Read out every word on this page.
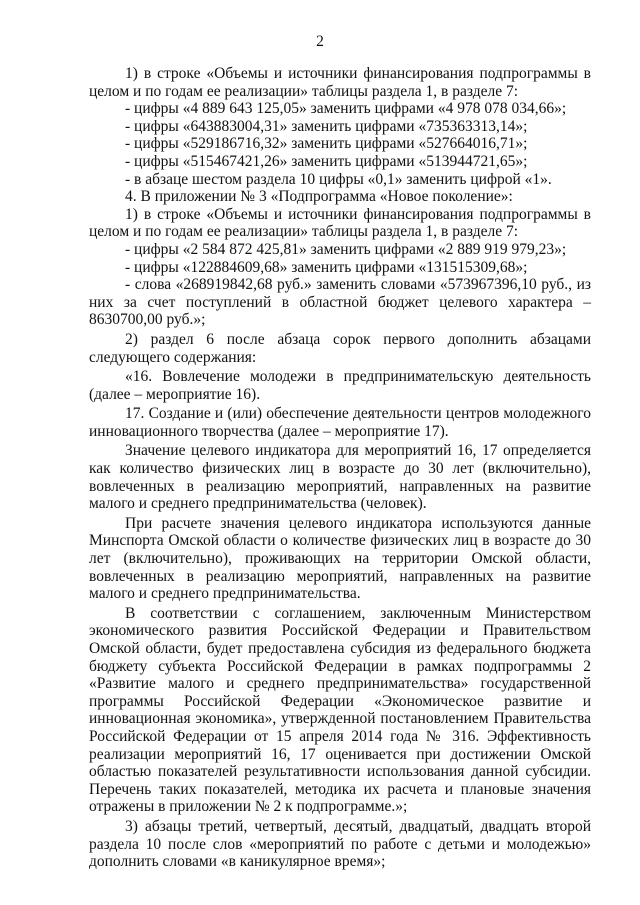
2

1) в строке «Объемы и источники финансирования подпрограммы в целом и по годам ее реализации» таблицы раздела 1, в разделе 7:

- цифры «4 889 643 125,05» заменить цифрами «4 978 078 034,66»;

- цифры «643883004,31» заменить цифрами «735363313,14»;

- цифры «529186716,32» заменить цифрами «527664016,71»;

- цифры «515467421,26» заменить цифрами «513944721,65»;

- в абзаце шестом раздела 10 цифры «0,1» заменить цифрой «1».

4. В приложении № 3 «Подпрограмма «Новое поколение»:

1) в строке «Объемы и источники финансирования подпрограммы в целом и по годам ее реализации» таблицы раздела 1, в разделе 7:

- цифры «2 584 872 425,81» заменить цифрами «2 889 919 979,23»;

- цифры «122884609,68» заменить цифрами «131515309,68»;

- слова «268919842,68 руб.» заменить словами «573967396,10 руб., из них за счет поступлений в областной бюджет целевого характера – 8630700,00 руб.»;

2) раздел 6 после абзаца сорок первого дополнить абзацами следующего содержания:

«16. Вовлечение молодежи в предпринимательскую деятельность (далее – мероприятие 16).

17. Создание и (или) обеспечение деятельности центров молодежного инновационного творчества (далее – мероприятие 17).

Значение целевого индикатора для мероприятий 16, 17 определяется как количество физических лиц в возрасте до 30 лет (включительно), вовлеченных в реализацию мероприятий, направленных на развитие малого и среднего предпринимательства (человек).

При расчете значения целевого индикатора используются данные Минспорта Омской области о количестве физических лиц в возрасте до 30 лет (включительно), проживающих на территории Омской области, вовлеченных в реализацию мероприятий, направленных на развитие малого и среднего предпринимательства.

В соответствии с соглашением, заключенным Министерством экономического развития Российской Федерации и Правительством Омской области, будет предоставлена субсидия из федерального бюджета бюджету субъекта Российской Федерации в рамках подпрограммы 2 «Развитие малого и среднего предпринимательства» государственной программы Российской Федерации «Экономическое развитие и инновационная экономика», утвержденной постановлением Правительства Российской Федерации от 15 апреля 2014 года № 316. Эффективность реализации мероприятий 16, 17 оценивается при достижении Омской областью показателей результативности использования данной субсидии. Перечень таких показателей, методика их расчета и плановые значения отражены в приложении № 2 к подпрограмме.»;

3) абзацы третий, четвертый, десятый, двадцатый, двадцать второй раздела 10 после слов «мероприятий по работе с детьми и молодежью» дополнить словами «в каникулярное время»;
